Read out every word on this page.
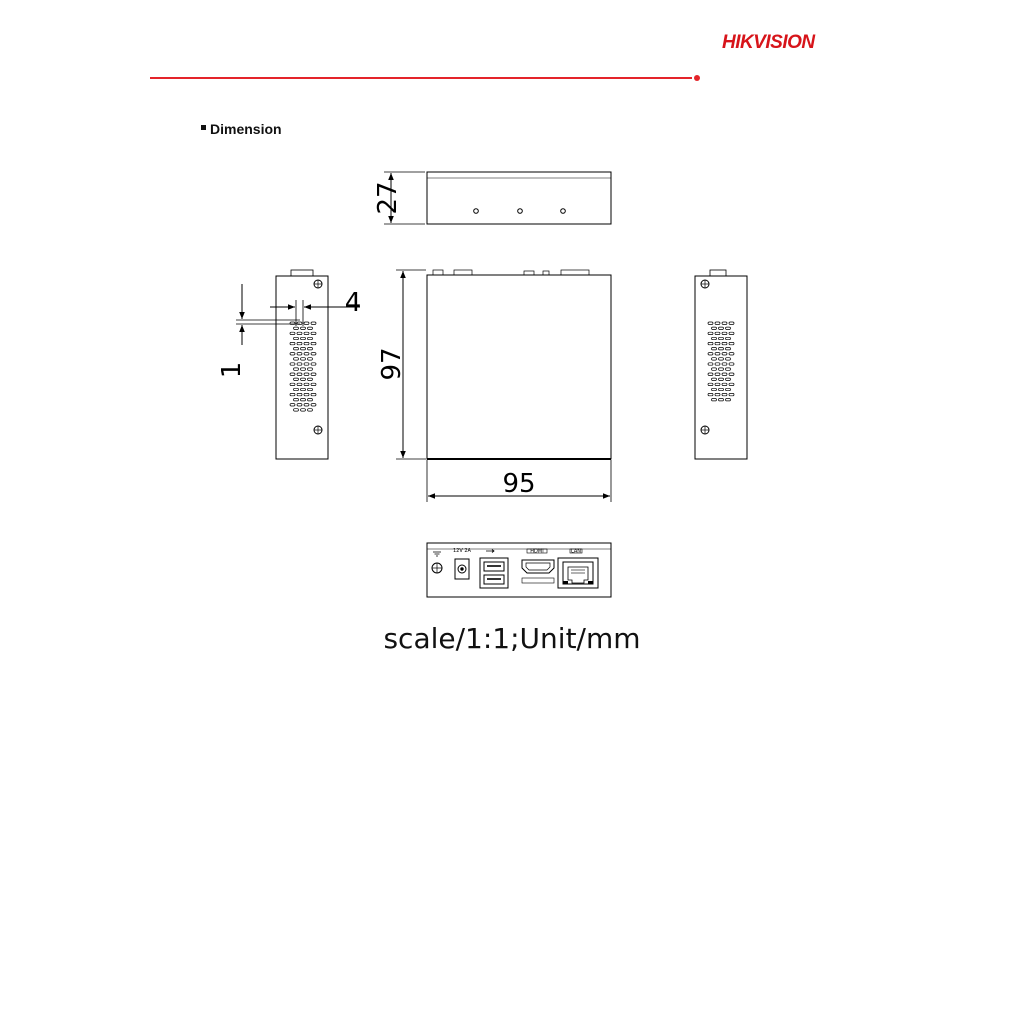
HIKVISION
Dimension
27
4
1	97
95
12V 2A	HDMI	LAN
scale/1:1;Unit/mm
